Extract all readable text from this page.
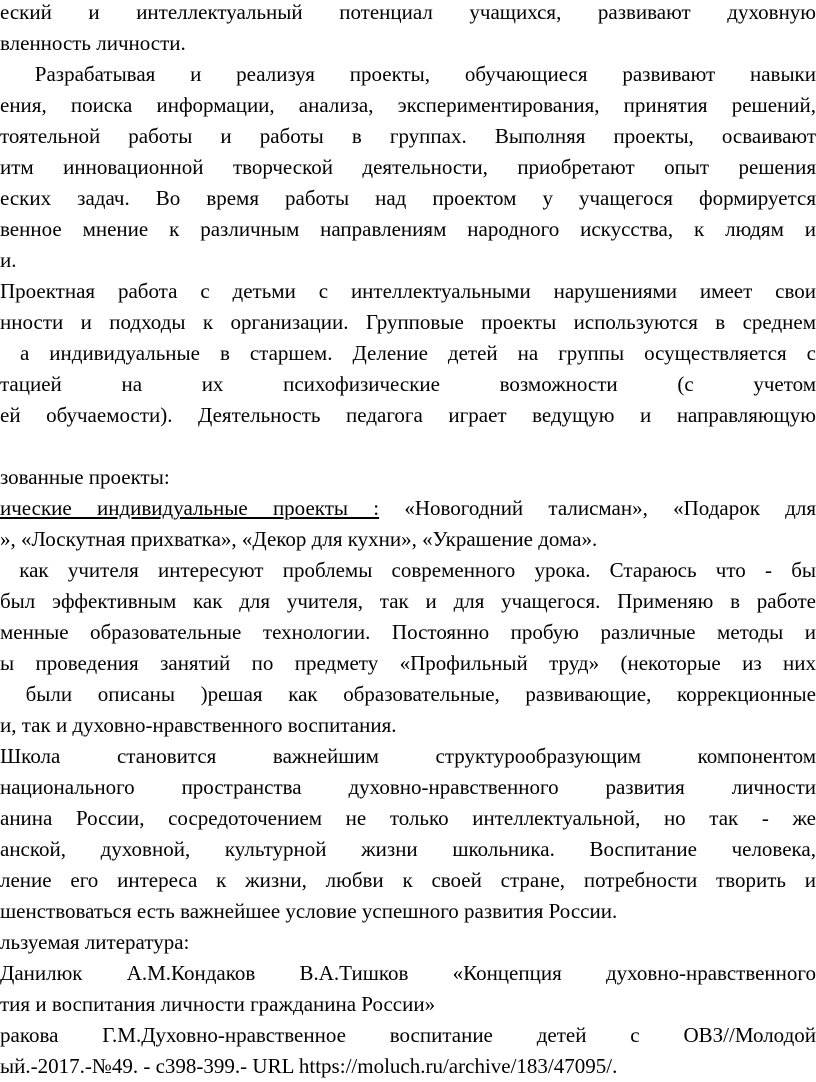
еский и интеллектуальный потенциал учащихся, развивают духовную
вленность личности.
Разрабатывая и реализуя проекты, обучающиеся развивают навыки
ения, поиска информации, анализа, экспериментирования, принятия решений,
тоятельной работы и работы в группах. Выполняя проекты, осваивают
итм инновационной творческой деятельности, приобретают опыт решения
еских задач. Во время работы над проектом у учащегося формируется
венное мнение к различным направлениям народного искусства, к людям и
и.
Проектная работа с детьми с интеллектуальными нарушениями имеет свои
нности и подходы к организации. Групповые проекты используются в среднем
а индивидуальные в старшем. Деление детей на группы осуществляется с
тацией на их психофизические возможности (с учетом
ей обучаемости). Деятельность педагога играет ведущую и направляющую
зованные проекты:
ические индивидуальные проекты : «Новогодний талисман», «Подарок для
», «Лоскутная прихватка», «Декор для кухни», «Украшение дома».
как учителя интересуют проблемы современного урока. Стараюсь что - бы
был эффективным как для учителя, так и для учащегося. Применяю в работе
менные образовательные технологии. Постоянно пробую различные методы и
ы проведения занятий по предмету «Профильный труд» (некоторые из них
были описаны )решая как образовательные, развивающие, коррекционные
и, так и духовно-нравственного воспитания.
Школа становится важнейшим структурообразующим компонентом
национального пространства духовно-нравственного развития личности
анина России, сосредоточением не только интеллектуальной, но так - же
анской, духовной, культурной жизни школьника. Воспитание человека,
ление его интереса к жизни, любви к своей стране, потребности творить и
шенствоваться есть важнейшее условие успешного развития России.
льзуемая литература:
Данилюк А.М.Кондаков В.А.Тишков «Концепция духовно-нравственного
тия и воспитания личности гражданина России»
ракова Г.М.Духовно-нравственное воспитание детей с ОВЗ//Молодой
ый.-2017.-№49. - с398-399.- URL https://moluch.ru/archive/183/47095/.
